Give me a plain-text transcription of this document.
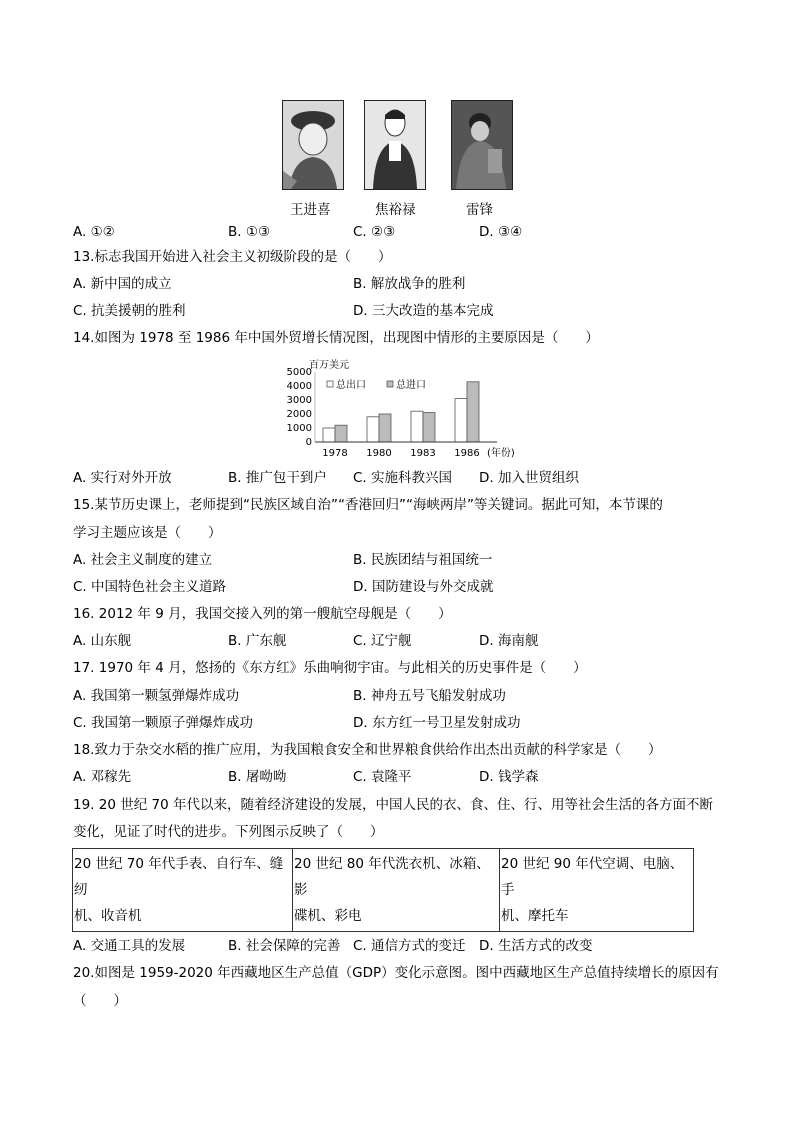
王进喜	焦裕禄	雷锋
A. ①②	B. ①③	C. ②③	D. ③④
13.标志我国开始进入社会主义初级阶段的是（　　）
A. 新中国的成立	B. 解放战争的胜利
C. 抗美援朝的胜利	D. 三大改造的基本完成
14.如图为 1978 至 1986 年中国外贸增长情况图，出现图中情形的主要原因是（　　）
百万美元
5000
4000
3000
2000
1000
0
总出口	总进口
1978 1980 1983 1986 (年份)
A. 实行对外开放	B. 推广包干到户 C. 实施科教兴国 D. 加入世贸组织
15.某节历史课上，老师提到“民族区域自治”“香港回归”“海峡两岸”等关键词。据此可知，本节课的
学习主题应该是（　　）
A. 社会主义制度的建立	B. 民族团结与祖国统一
C. 中国特色社会主义道路	D. 国防建设与外交成就
16. 2012 年 9 月，我国交接入列的第一艘航空母舰是（　　）
A. 山东舰	B. 广东舰	C. 辽宁舰	D. 海南舰
17. 1970 年 4 月，悠扬的《东方红》乐曲响彻宇宙。与此相关的历史事件是（　　）
A. 我国第一颗氢弹爆炸成功	B. 神舟五号飞船发射成功
C. 我国第一颗原子弹爆炸成功	D. 东方红一号卫星发射成功
18.致力于杂交水稻的推广应用，为我国粮食安全和世界粮食供给作出杰出贡献的科学家是（　　）
A. 邓稼先	B. 屠呦呦	C. 袁隆平	D. 钱学森
19. 20 世纪 70 年代以来，随着经济建设的发展，中国人民的衣、食、住、行、用等社会生活的各方面不断
变化，见证了时代的进步。下列图示反映了（　　）
20 世纪 70 年代手表、自行车、缝纫
机、收音机

20 世纪 80 年代洗衣机、冰箱、影
碟机、彩电

20 世纪 90 年代空调、电脑、手
机、摩托车
A. 交通工具的发展	B. 社会保障的完善 C. 通信方式的变迁 D. 生活方式的改变
20.如图是 1959-2020 年西藏地区生产总值（GDP）变化示意图。图中西藏地区生产总值持续增长的原因有
（　　）
